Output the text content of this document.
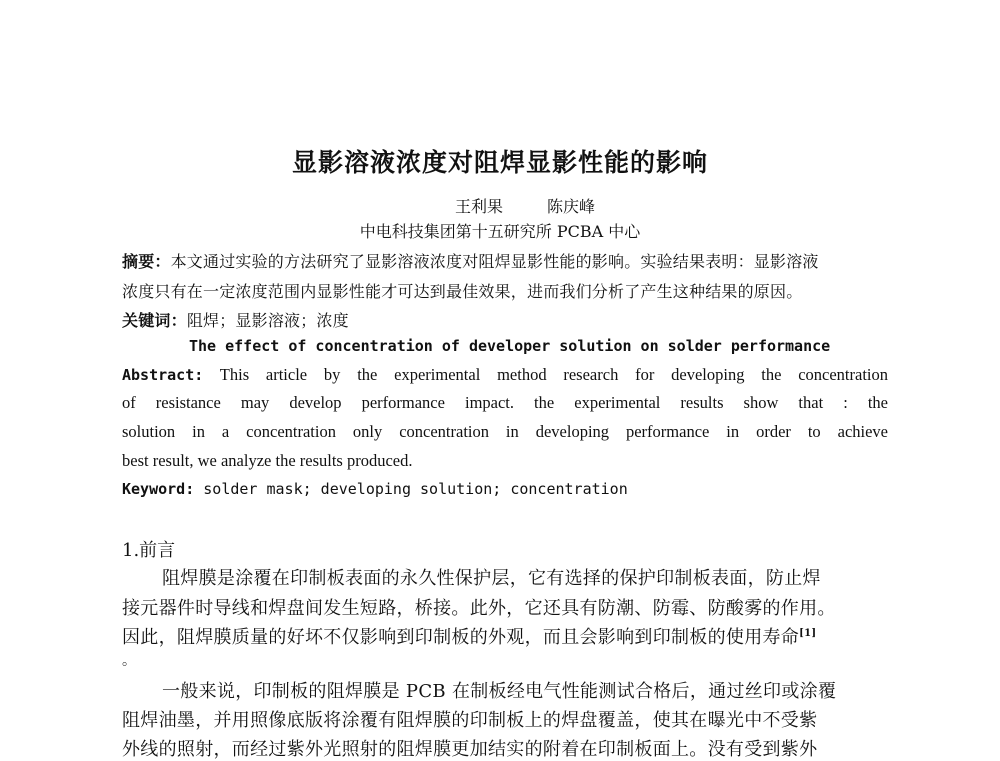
显影溶液浓度对阻焊显影性能的影响
王利果	陈庆峰
中电科技集团第十五研究所 PCBA 中心
摘要：本文通过实验的方法研究了显影溶液浓度对阻焊显影性能的影响。实验结果表明：显影溶液
浓度只有在一定浓度范围内显影性能才可达到最佳效果，进而我们分析了产生这种结果的原因。
关键词：阻焊；显影溶液；浓度
The effect of concentration of developer solution on solder performance
Abstract: This article by the experimental method research for developing the concentration
of resistance may develop performance impact. the experimental results show that : the
solution in a concentration only concentration in developing performance in order to achieve
best result, we analyze the results produced.
Keyword: solder mask; developing solution; concentration
1.前言
阻焊膜是涂覆在印制板表面的永久性保护层，它有选择的保护印制板表面，防止焊
接元器件时导线和焊盘间发生短路，桥接。此外，它还具有防潮、防霉、防酸雾的作用。
因此，阻焊膜质量的好坏不仅影响到印制板的外观，而且会影响到印制板的使用寿命[1]
。
一般来说，印制板的阻焊膜是 PCB 在制板经电气性能测试合格后，通过丝印或涂覆
阻焊油墨，并用照像底版将涂覆有阻焊膜的印制板上的焊盘覆盖，使其在曝光中不受紫
外线的照射，而经过紫外光照射的阻焊膜更加结实的附着在印制板面上。没有受到紫外
